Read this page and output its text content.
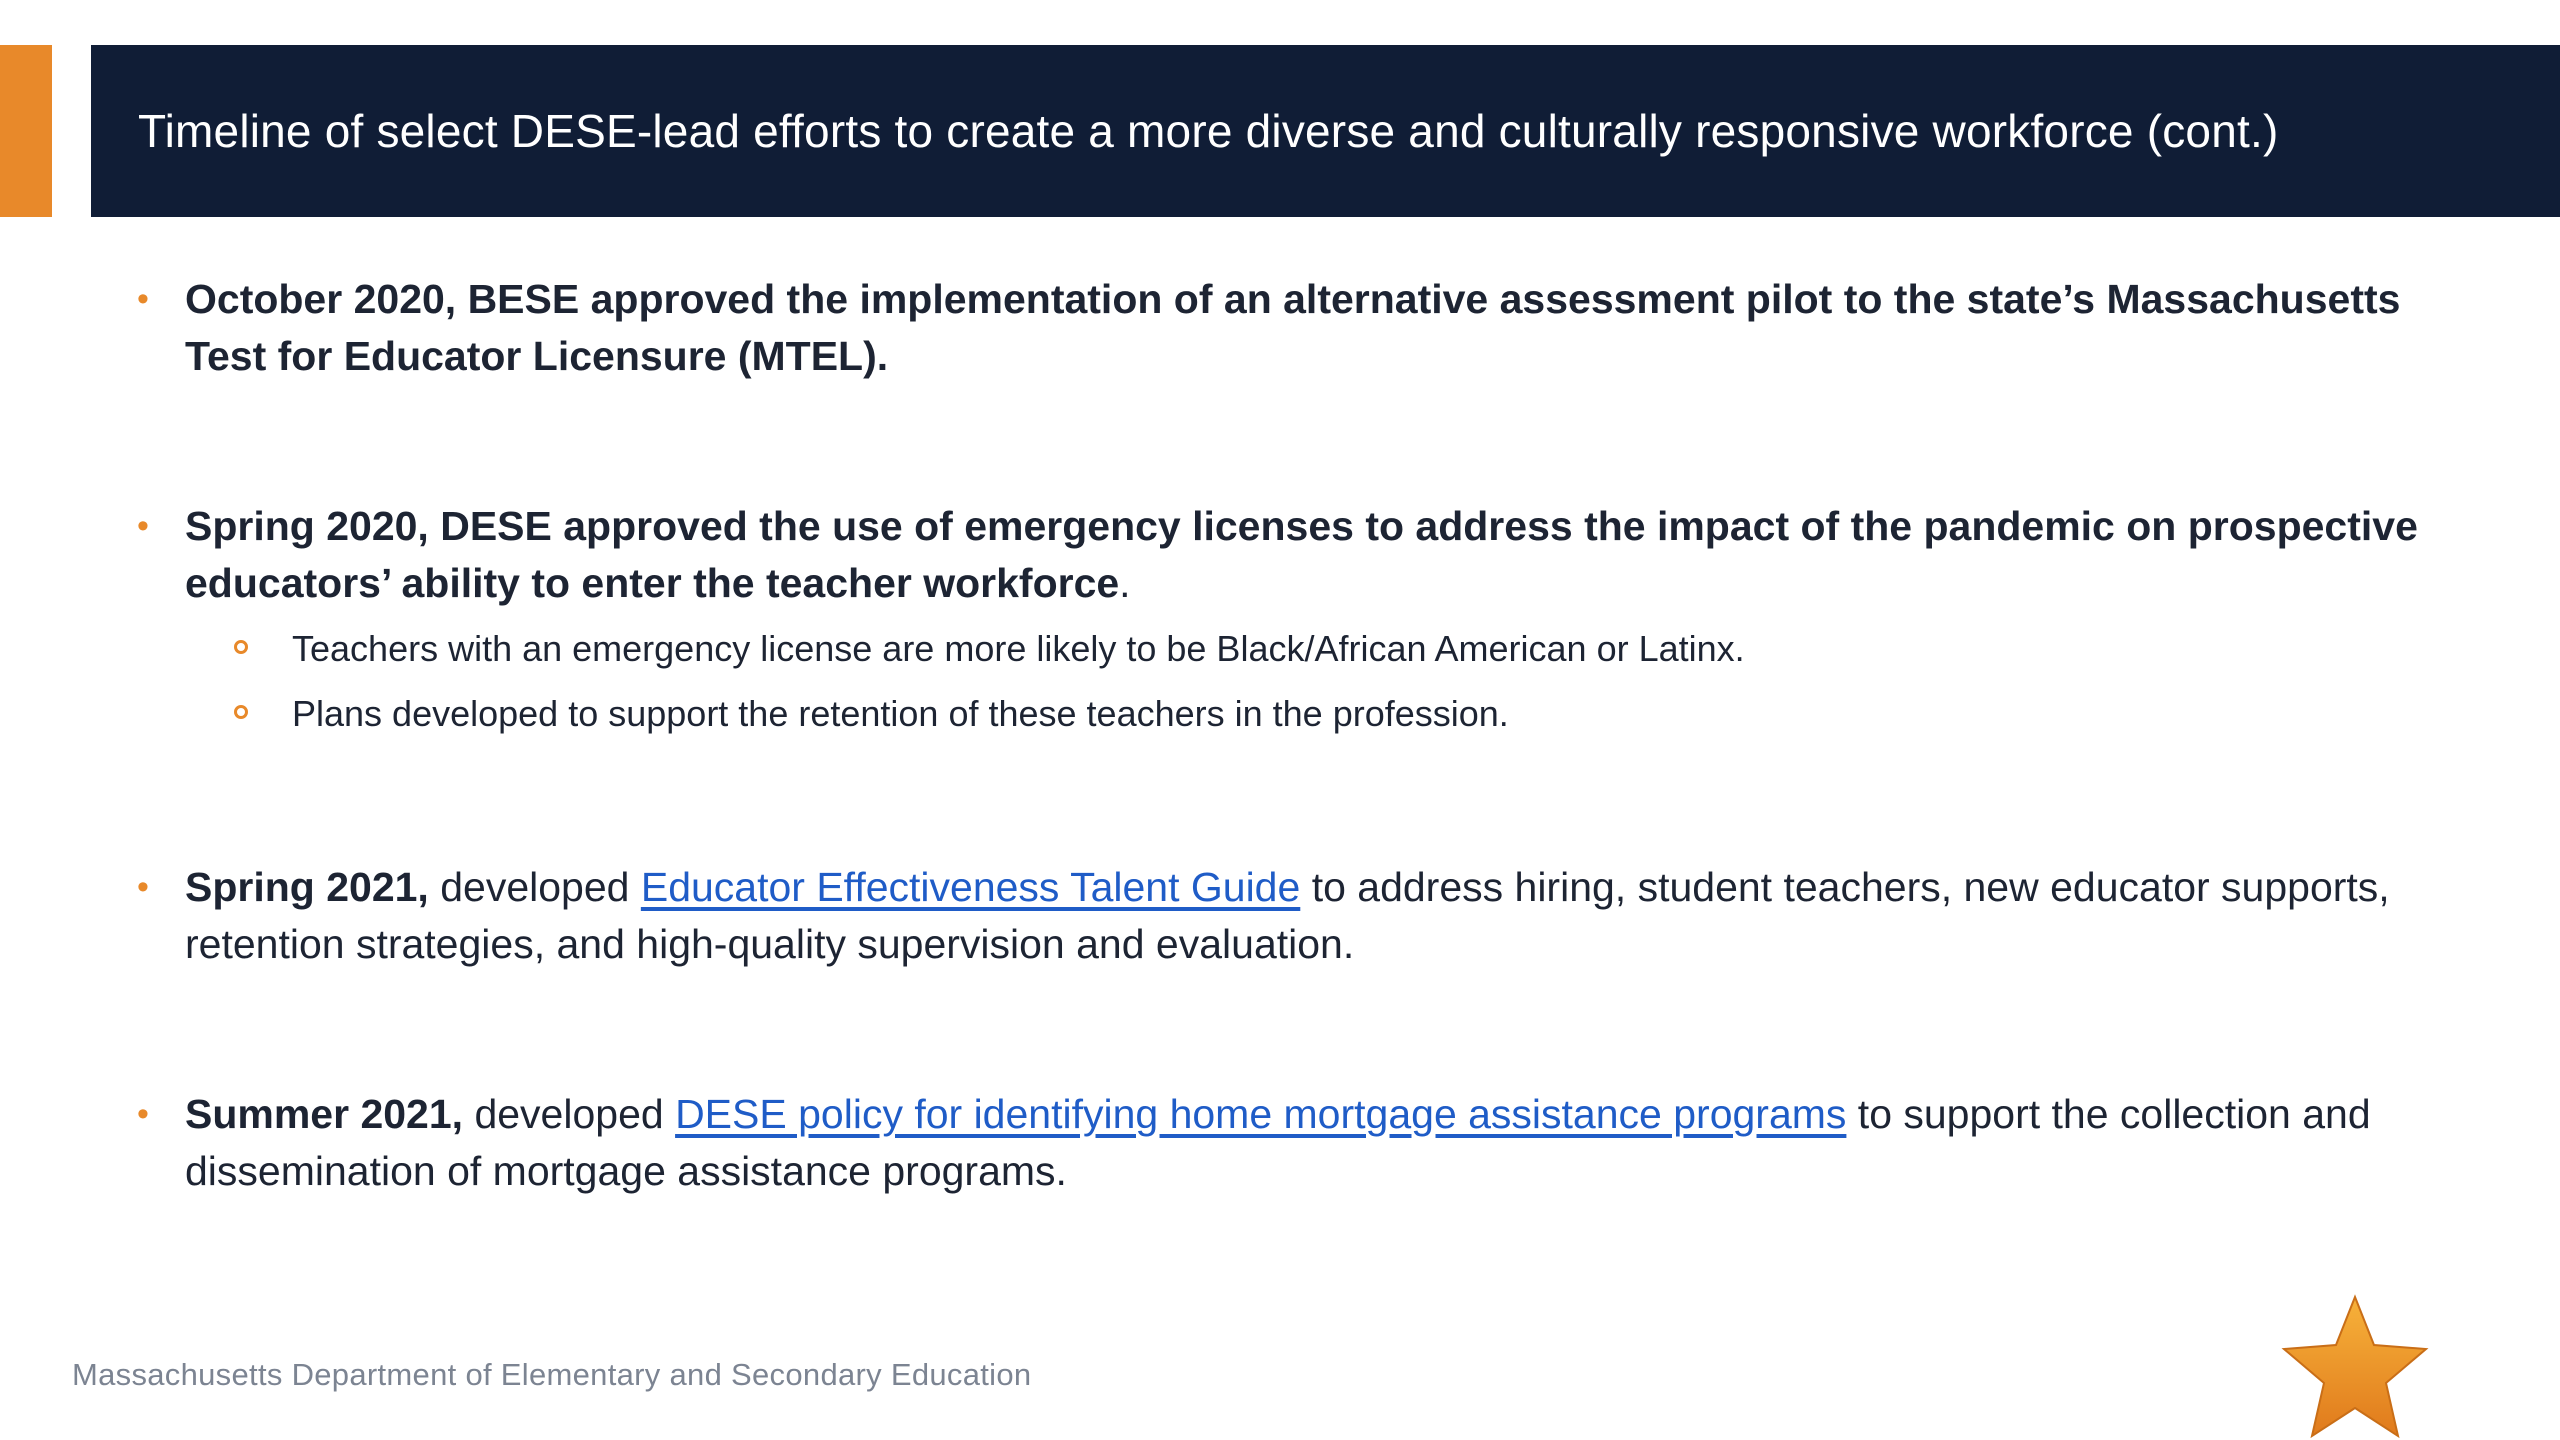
Timeline of select DESE-lead efforts to create a more diverse and culturally responsive workforce (cont.)
• October 2020, BESE approved the implementation of an alternative assessment pilot to the state’s Massachusetts Test for Educator Licensure (MTEL).
• Spring 2020, DESE approved the use of emergency licenses to address the impact of the pandemic on prospective educators’ ability to enter the teacher workforce.
Teachers with an emergency license are more likely to be Black/African American or Latinx.
Plans developed to support the retention of these teachers in the profession.
• Spring 2021, developed Educator Effectiveness Talent Guide to address hiring, student teachers, new educator supports, retention strategies, and high-quality supervision and evaluation.
• Summer 2021, developed DESE policy for identifying home mortgage assistance programs to support the collection and dissemination of mortgage assistance programs.
Massachusetts Department of Elementary and Secondary Education
